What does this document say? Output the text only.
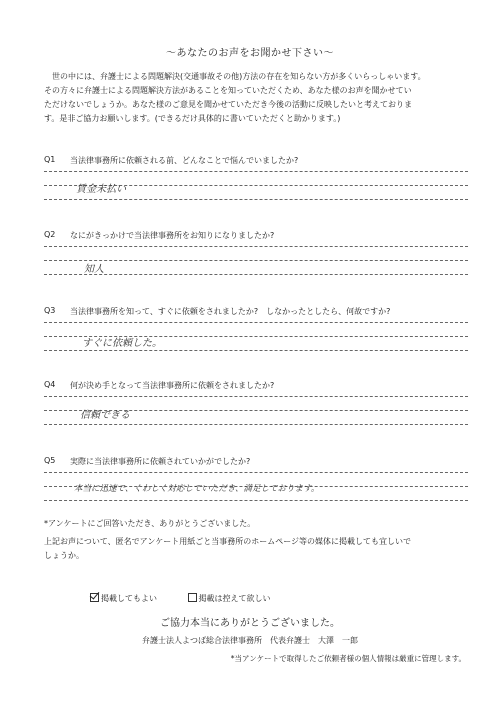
〜あなたのお声をお聞かせ下さい〜

世の中には、弁護士による問題解決(交通事故その他)方法の存在を知らない方が多くいらっしゃいます。

その方々に弁護士による問題解決方法があることを知っていただくため、あなた様のお声を聞かせてい

ただけないでしょうか。あなた様のご意見を聞かせていただき今後の活動に反映したいと考えておりま

す。是非ご協力お願いします。(できるだけ具体的に書いていただくと助かります。)

Q1 当法律事務所に依頼される前、どんなことで悩んでいましたか?
賃金未払い
Q2 なにがきっかけで当法律事務所をお知りになりましたか?
知人
Q3 当法律事務所を知って、すぐに依頼をされましたか?　しなかったとしたら、何故ですか?
すぐに依頼した。
Q4 何が決め手となって当法律事務所に依頼をされましたか?
信頼できる
Q5 実際に当法律事務所に依頼されていかがでしたか?
本当に迅速で、くわしく対応していただき、満足しております。
*アンケートにご回答いただき、ありがとうございました。

上記お声について、匿名でアンケート用紙ごと当事務所のホームページ等の媒体に掲載しても宜しいで

しょうか。

掲載してもよい	掲載は控えて欲しい
ご協力本当にありがとうございました。
弁護士法人よつば総合法律事務所　代表弁護士　大澤　一郎
*当アンケートで取得したご依頼者様の個人情報は厳重に管理します。
